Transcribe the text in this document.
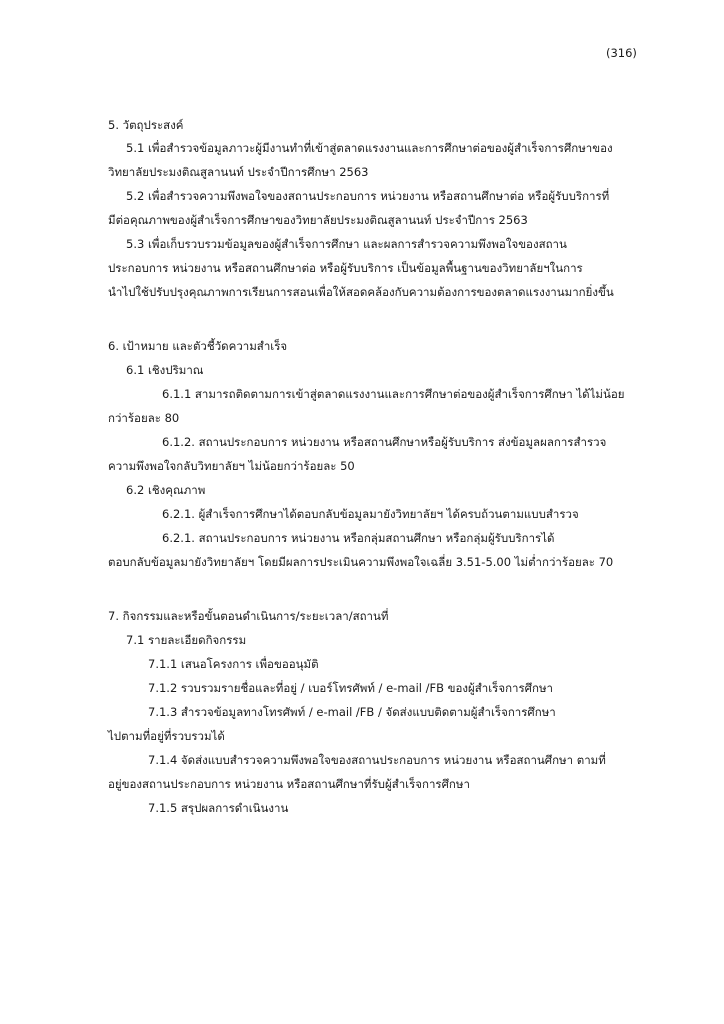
(316)
5. วัตถุประสงค์
5.1 เพื่อสำรวจข้อมูลภาวะผู้มีงานทำที่เข้าสู่ตลาดแรงงานและการศึกษาต่อของผู้สำเร็จการศึกษาของ
วิทยาลัยประมงติณสูลานนท์ ประจำปีการศึกษา 2563
5.2 เพื่อสำรวจความพึงพอใจของสถานประกอบการ หน่วยงาน หรือสถานศึกษาต่อ หรือผู้รับบริการที่
มีต่อคุณภาพของผู้สำเร็จการศึกษาของวิทยาลัยประมงติณสูลานนท์ ประจำปีการ 2563
5.3 เพื่อเก็บรวบรวมข้อมูลของผู้สำเร็จการศึกษา และผลการสำรวจความพึงพอใจของสถาน
ประกอบการ หน่วยงาน หรือสถานศึกษาต่อ หรือผู้รับบริการ เป็นข้อมูลพื้นฐานของวิทยาลัยฯในการ
นำไปใช้ปรับปรุงคุณภาพการเรียนการสอนเพื่อให้สอดคล้องกับความต้องการของตลาดแรงงานมากยิ่งขึ้น
6. เป้าหมาย และตัวชี้วัดความสำเร็จ
6.1 เชิงปริมาณ
6.1.1 สามารถติดตามการเข้าสู่ตลาดแรงงานและการศึกษาต่อของผู้สำเร็จการศึกษา ได้ไม่น้อย
กว่าร้อยละ 80
6.1.2. สถานประกอบการ หน่วยงาน หรือสถานศึกษาหรือผู้รับบริการ ส่งข้อมูลผลการสำรวจ
ความพึงพอใจกลับวิทยาลัยฯ ไม่น้อยกว่าร้อยละ 50
6.2 เชิงคุณภาพ
6.2.1. ผู้สำเร็จการศึกษาได้ตอบกลับข้อมูลมายังวิทยาลัยฯ ได้ครบถ้วนตามแบบสำรวจ
6.2.1. สถานประกอบการ หน่วยงาน หรือกลุ่มสถานศึกษา หรือกลุ่มผู้รับบริการได้
ตอบกลับข้อมูลมายังวิทยาลัยฯ โดยมีผลการประเมินความพึงพอใจเฉลี่ย 3.51-5.00 ไม่ต่ำกว่าร้อยละ 70
7. กิจกรรมและหรือขั้นตอนดำเนินการ/ระยะเวลา/สถานที่
7.1 รายละเอียดกิจกรรม
7.1.1 เสนอโครงการ เพื่อขออนุมัติ
7.1.2 รวบรวมรายชื่อและที่อยู่ / เบอร์โทรศัพท์ / e-mail /FB ของผู้สำเร็จการศึกษา
7.1.3 สำรวจข้อมูลทางโทรศัพท์ / e-mail /FB / จัดส่งแบบติดตามผู้สำเร็จการศึกษา
ไปตามที่อยู่ที่รวบรวมได้
7.1.4 จัดส่งแบบสำรวจความพึงพอใจของสถานประกอบการ หน่วยงาน หรือสถานศึกษา ตามที่
อยู่ของสถานประกอบการ หน่วยงาน หรือสถานศึกษาที่รับผู้สำเร็จการศึกษา
7.1.5 สรุปผลการดำเนินงาน
